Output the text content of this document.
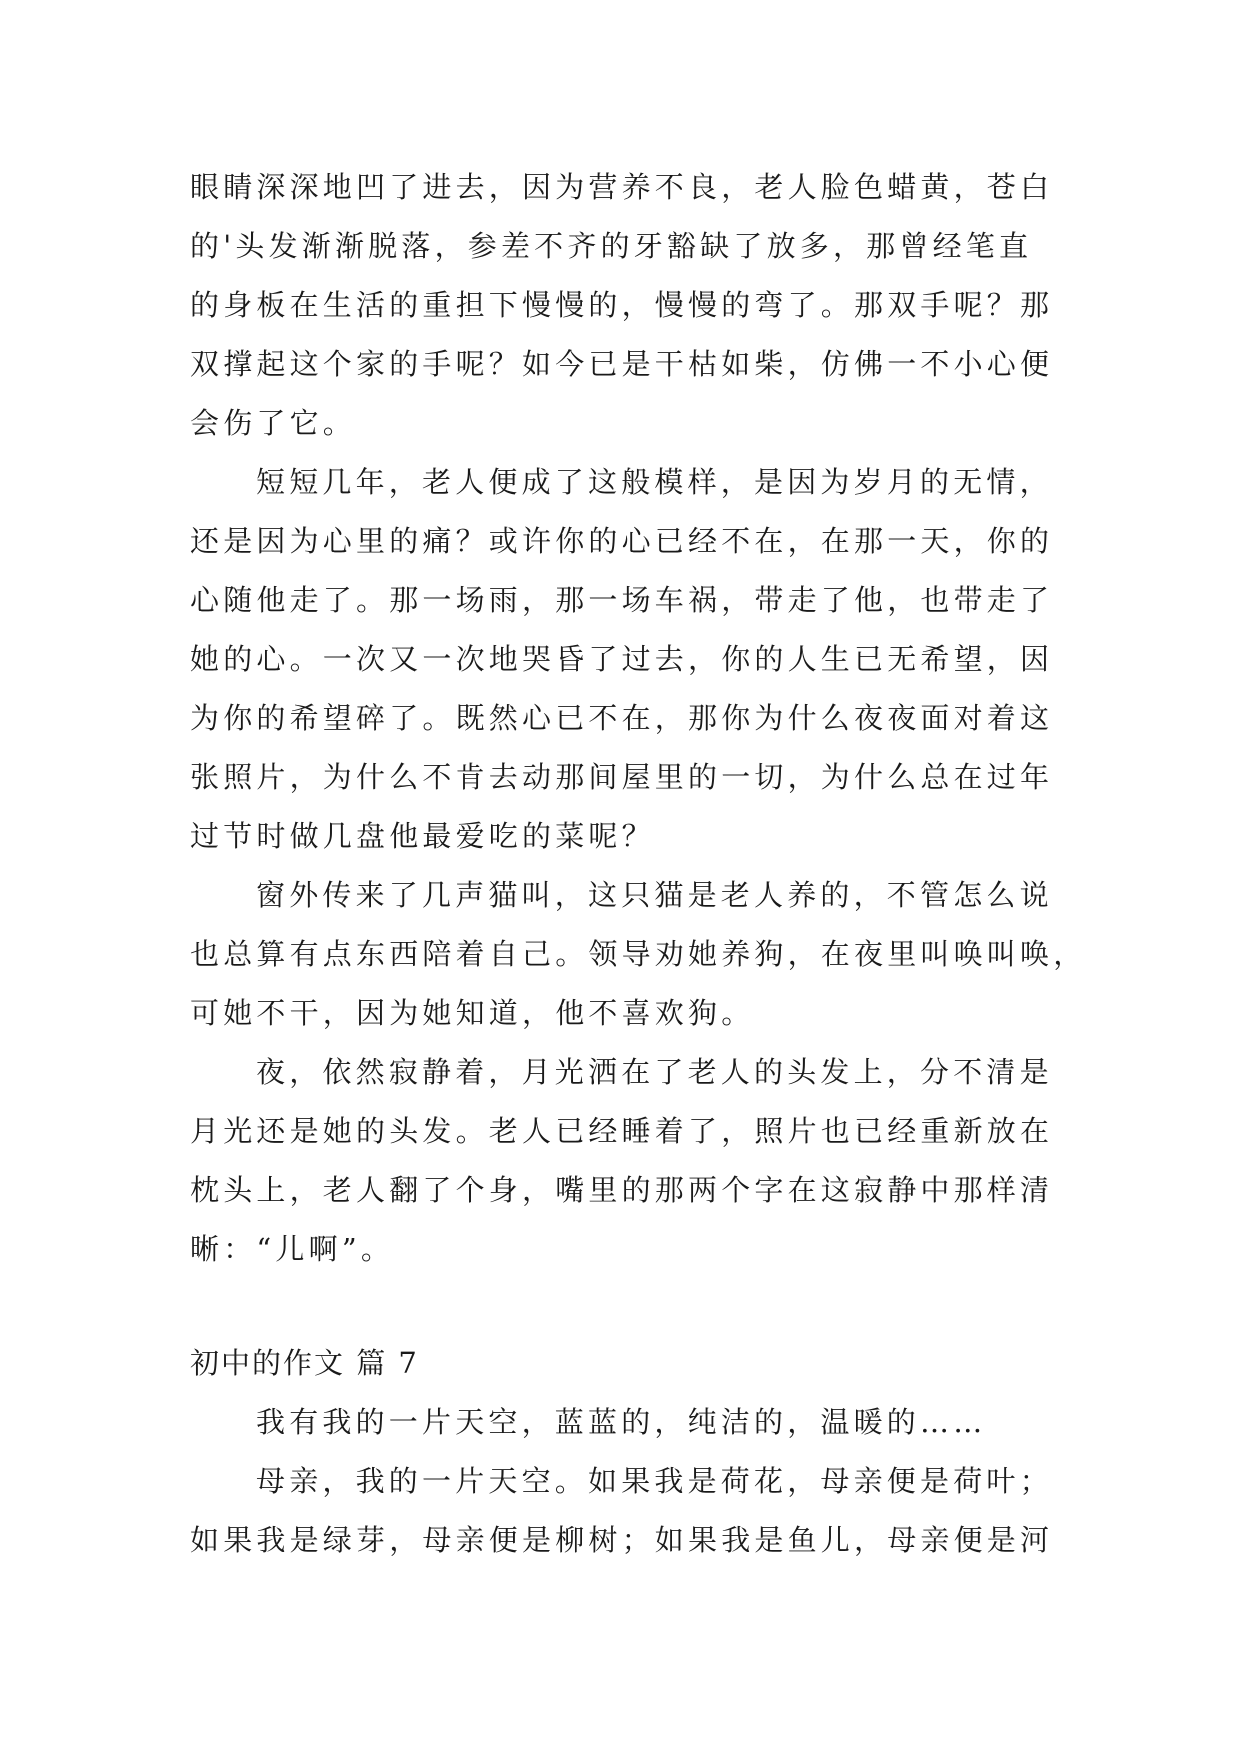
眼睛深深地凹了进去，因为营养不良，老人脸色蜡黄，苍白
的'头发渐渐脱落，参差不齐的牙豁缺了放多，那曾经笔直
的身板在生活的重担下慢慢的，慢慢的弯了。那双手呢？那
双撑起这个家的手呢？如今已是干枯如柴，仿佛一不小心便
会伤了它。
短短几年，老人便成了这般模样，是因为岁月的无情，
还是因为心里的痛？或许你的心已经不在，在那一天，你的
心随他走了。那一场雨，那一场车祸，带走了他，也带走了
她的心。一次又一次地哭昏了过去，你的人生已无希望，因
为你的希望碎了。既然心已不在，那你为什么夜夜面对着这
张照片，为什么不肯去动那间屋里的一切，为什么总在过年
过节时做几盘他最爱吃的菜呢？
窗外传来了几声猫叫，这只猫是老人养的，不管怎么说
也总算有点东西陪着自己。领导劝她养狗，在夜里叫唤叫唤，
可她不干，因为她知道，他不喜欢狗。
夜，依然寂静着，月光洒在了老人的头发上，分不清是
月光还是她的头发。老人已经睡着了，照片也已经重新放在
枕头上，老人翻了个身，嘴里的那两个字在这寂静中那样清
晰：“儿啊”。
初中的作文 篇 7
我有我的一片天空，蓝蓝的，纯洁的，温暖的……
母亲，我的一片天空。如果我是荷花，母亲便是荷叶；
如果我是绿芽，母亲便是柳树；如果我是鱼儿，母亲便是河
